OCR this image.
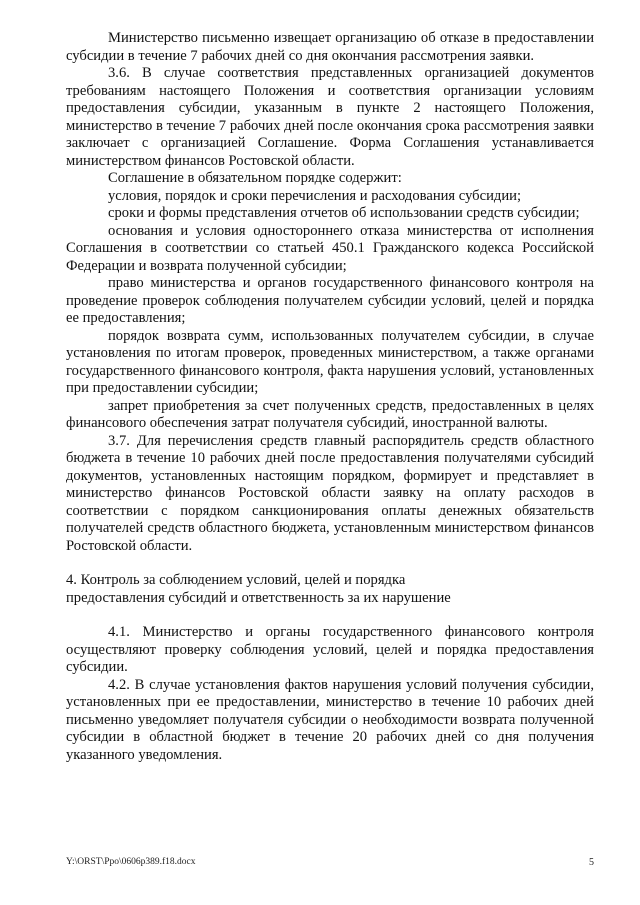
Министерство письменно извещает организацию об отказе в предоставлении субсидии в течение 7 рабочих дней со дня окончания рассмотрения заявки.

3.6. В случае соответствия представленных организацией документов требованиям настоящего Положения и соответствия организации условиям предоставления субсидии, указанным в пункте 2 настоящего Положения, министерство в течение 7 рабочих дней после окончания срока рассмотрения заявки заключает с организацией Соглашение. Форма Соглашения устанавливается министерством финансов Ростовской области.

Соглашение в обязательном порядке содержит:

условия, порядок и сроки перечисления и расходования субсидии;

сроки и формы представления отчетов об использовании средств субсидии;

основания и условия одностороннего отказа министерства от исполнения Соглашения в соответствии со статьей 450.1 Гражданского кодекса Российской Федерации и возврата полученной субсидии;

право министерства и органов государственного финансового контроля на проведение проверок соблюдения получателем субсидии условий, целей и порядка ее предоставления;

порядок возврата сумм, использованных получателем субсидии, в случае установления по итогам проверок, проведенных министерством, а также органами государственного финансового контроля, факта нарушения условий, установленных при предоставлении субсидии;

запрет приобретения за счет полученных средств, предоставленных в целях финансового обеспечения затрат получателя субсидий, иностранной валюты.

3.7. Для перечисления средств главный распорядитель средств областного бюджета в течение 10 рабочих дней после предоставления получателями субсидий документов, установленных настоящим порядком, формирует и представляет в министерство финансов Ростовской области заявку на оплату расходов в соответствии с порядком санкционирования оплаты денежных обязательств получателей средств областного бюджета, установленным министерством финансов Ростовской области.

4. Контроль за соблюдением условий, целей и порядка
предоставления субсидий и ответственность за их нарушение

4.1. Министерство и органы государственного финансового контроля осуществляют проверку соблюдения условий, целей и порядка предоставления субсидии.

4.2. В случае установления фактов нарушения условий получения субсидии, установленных при ее предоставлении, министерство в течение 10 рабочих дней письменно уведомляет получателя субсидии о необходимости возврата полученной субсидии в областной бюджет в течение 20 рабочих дней со дня получения указанного уведомления.

Y:\ORST\Ppo\0606p389.f18.docx	5
